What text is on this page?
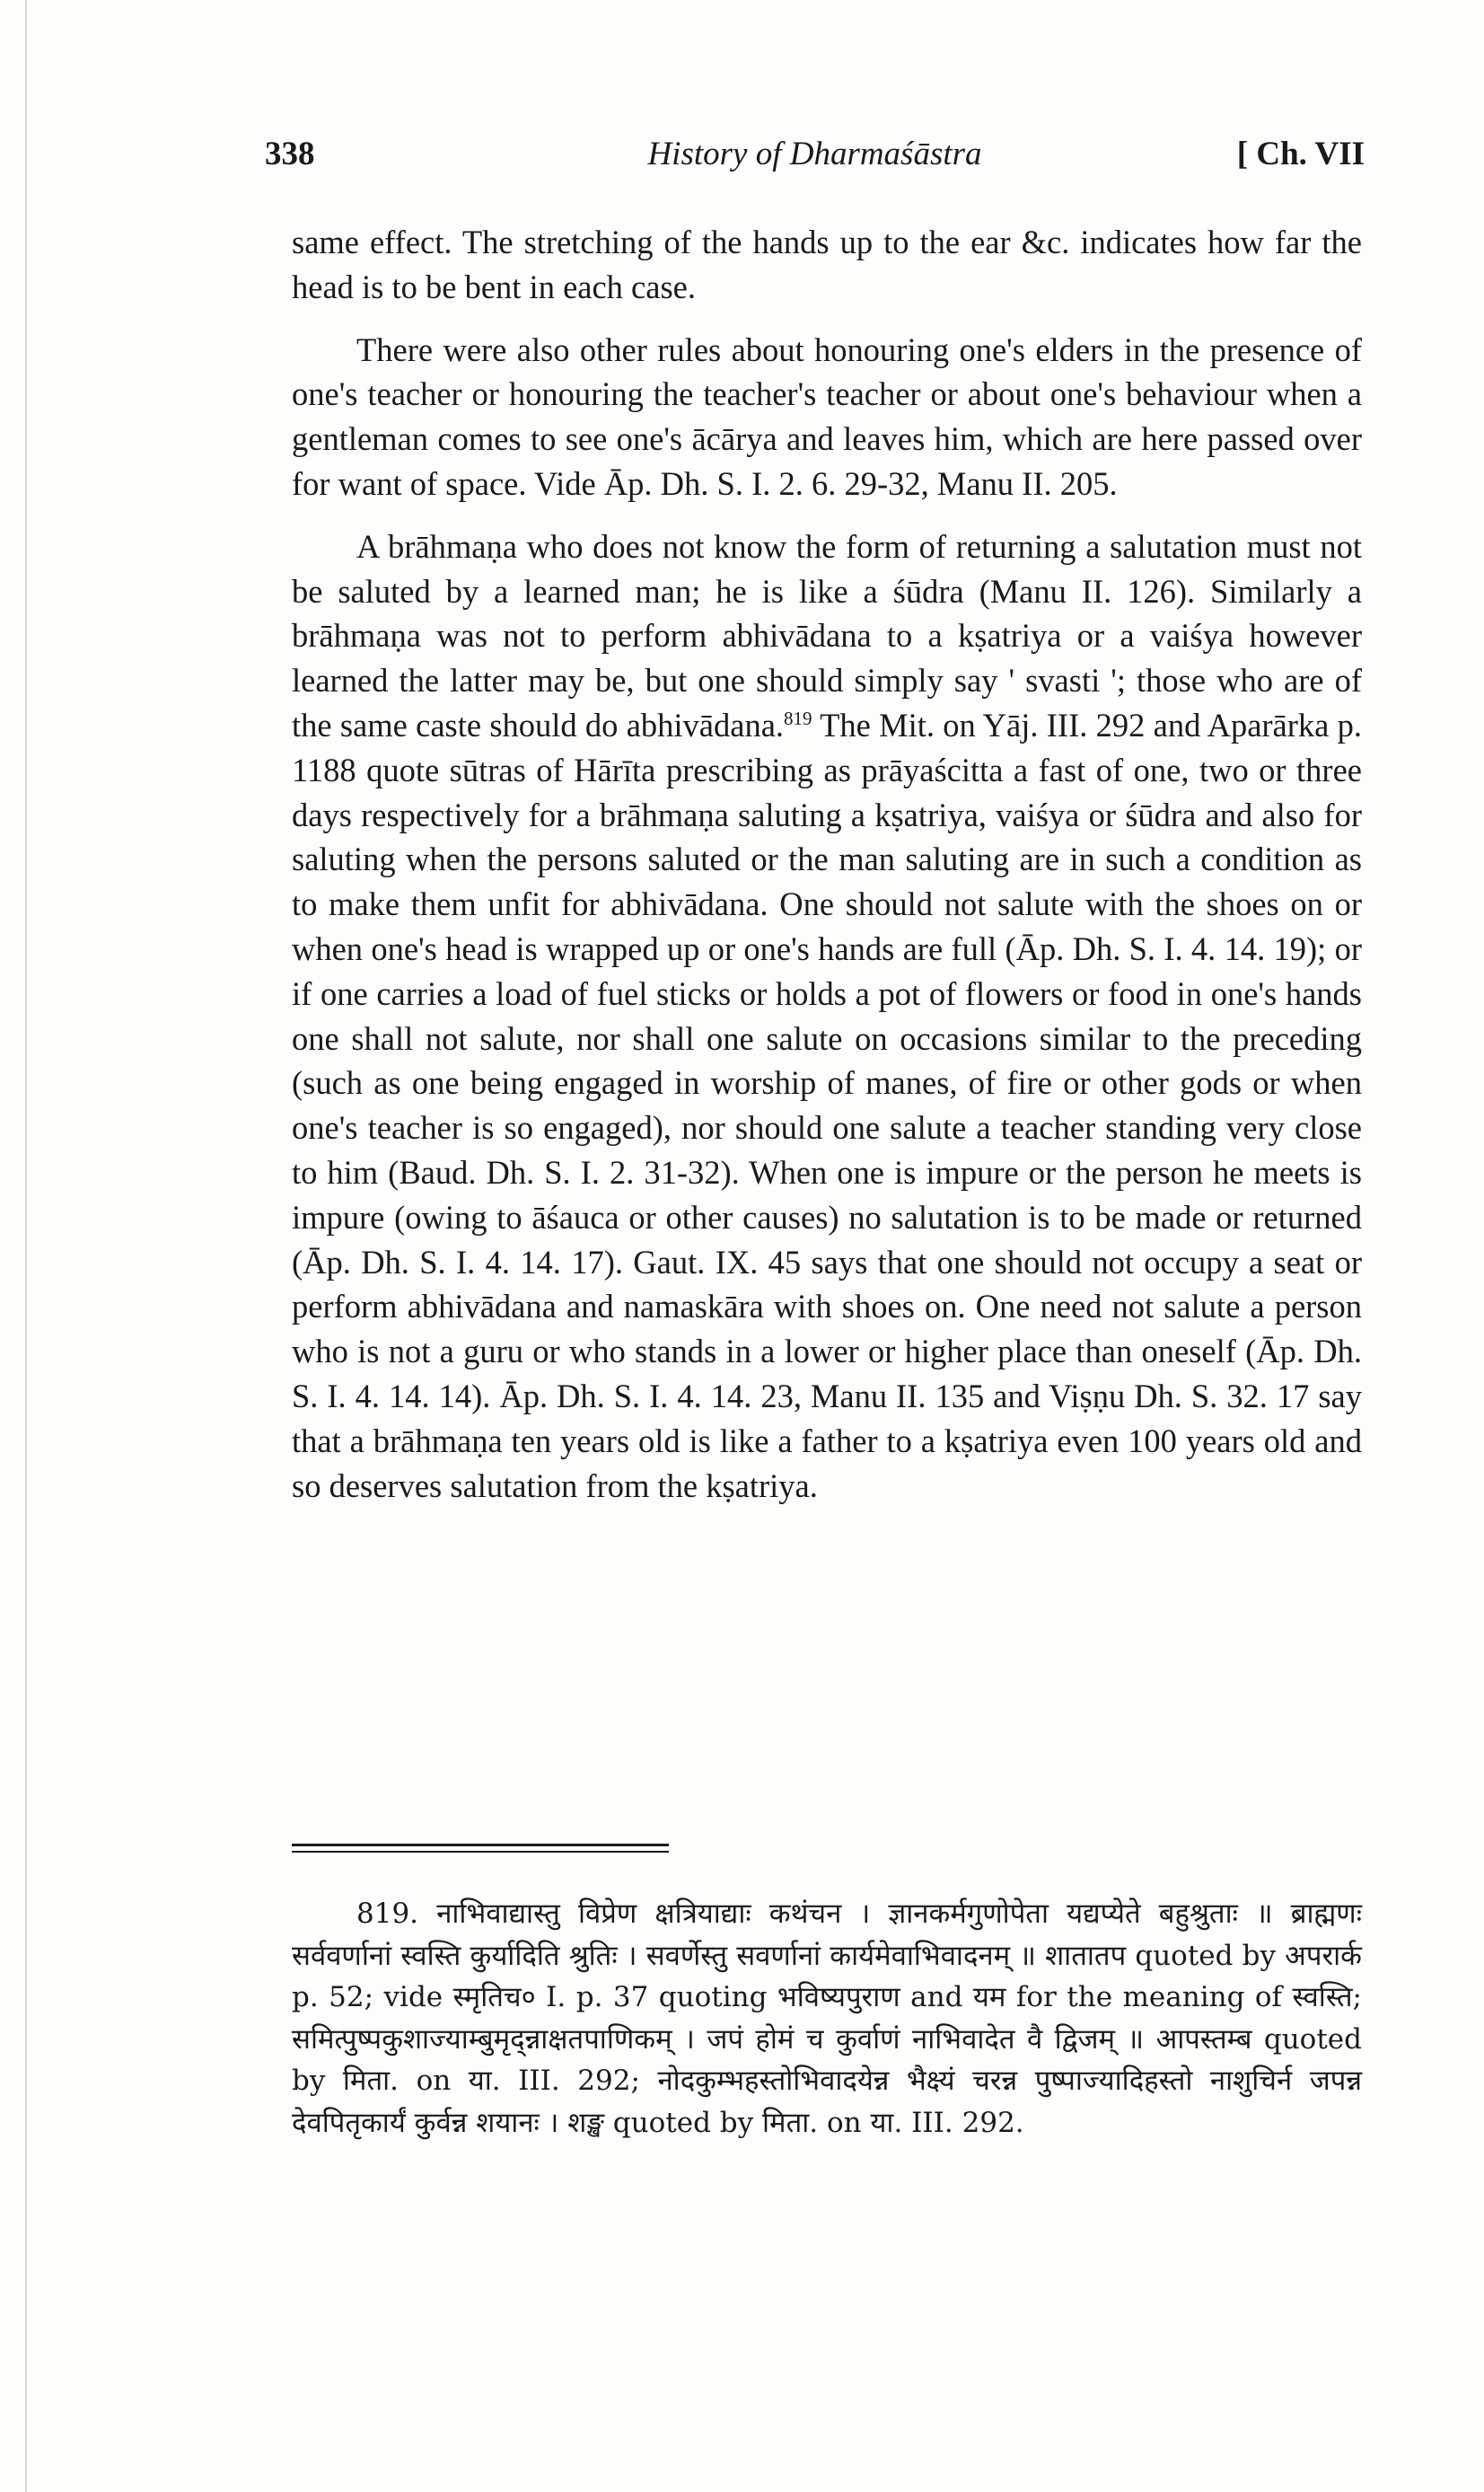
338	History of Dharmaśāstra	[ Ch. VII

same effect. The stretching of the hands up to the ear &c. indicates how far the head is to be bent in each case.

There were also other rules about honouring one's elders in the presence of one's teacher or honouring the teacher's teacher or about one's behaviour when a gentleman comes to see one's ācārya and leaves him, which are here passed over for want of space. Vide Āp. Dh. S. I. 2. 6. 29-32, Manu II. 205.

A brāhmaṇa who does not know the form of returning a salutation must not be saluted by a learned man; he is like a śūdra (Manu II. 126). Similarly a brāhmaṇa was not to perform abhivādana to a kṣatriya or a vaiśya however learned the latter may be, but one should simply say ' svasti '; those who are of the same caste should do abhivādana.$^{819}$ The Mit. on Yāj. III. 292 and Aparārka p. 1188 quote sūtras of Hārīta prescribing as prāyaścitta a fast of one, two or three days respectively for a brāhmaṇa saluting a kṣatriya, vaiśya or śūdra and also for saluting when the persons saluted or the man saluting are in such a condition as to make them unfit for abhivādana. One should not salute with the shoes on or when one's head is wrapped up or one's hands are full (Āp. Dh. S. I. 4. 14. 19); or if one carries a load of fuel sticks or holds a pot of flowers or food in one's hands one shall not salute, nor shall one salute on occasions similar to the preceding (such as one being engaged in worship of manes, of fire or other gods or when one's teacher is so engaged), nor should one salute a teacher standing very close to him (Baud. Dh. S. I. 2. 31-32). When one is impure or the person he meets is impure (owing to āśauca or other causes) no salutation is to be made or returned (Āp. Dh. S. I. 4. 14. 17). Gaut. IX. 45 says that one should not occupy a seat or perform abhivādana and namaskāra with shoes on. One need not salute a person who is not a guru or who stands in a lower or higher place than oneself (Āp. Dh. S. I. 4. 14. 14). Āp. Dh. S. I. 4. 14. 23, Manu II. 135 and Viṣṇu Dh. S. 32. 17 say that a brāhmaṇa ten years old is like a father to a kṣatriya even 100 years old and so deserves salutation from the kṣatriya.

819. नाभिवाद्यास्तु विप्रेण क्षत्रियाद्याः कथंचन । ज्ञानकर्मगुणोपेता यद्यप्येते बहुश्रुताः ॥ ब्राह्मणः सर्ववर्णानां स्वस्ति कुर्यादिति श्रुतिः । सवर्णेस्तु सवर्णानां कार्यमेवाभिवादनम् ॥ शातातप quoted by अपरार्क p. 52; vide स्मृतिच० I. p. 37 quoting भविष्यपुराण and यम for the meaning of स्वस्ति; समित्पुष्पकुशाज्याम्बुमृद्न्नाक्षतपाणिकम् । जपं होमं च कुर्वाणं नाभिवादेत वै द्विजम् ॥ आपस्तम्ब quoted by मिता. on या. III. 292; नोदकुम्भहस्तोभिवादयेन्न भैक्ष्यं चरन्न पुष्पाज्यादिहस्तो नाशुचिर्न जपन्न देवपितृकार्यं कुर्वन्न शयानः । शङ्ख quoted by मिता. on या. III. 292.
